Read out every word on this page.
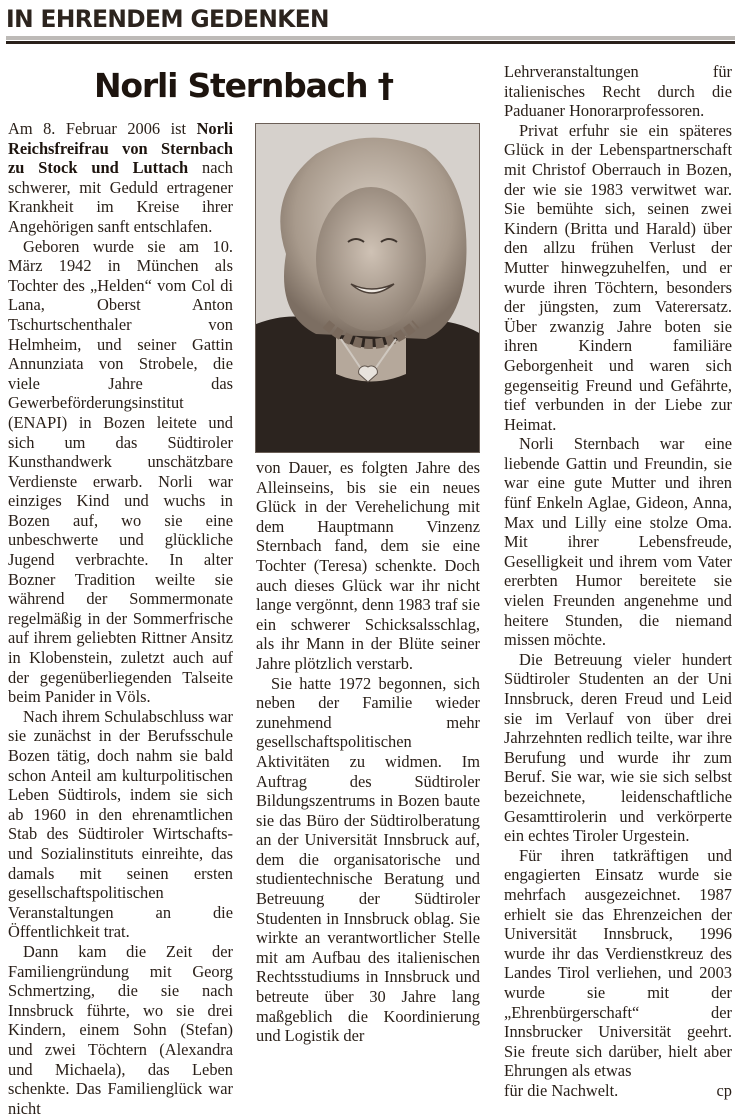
IN EHRENDEM GEDENKEN
Norli Sternbach †

Am 8. Februar 2006 ist Norli Reichsfreifrau von Sternbach zu Stock und Luttach nach schwerer, mit Geduld ertragener Krankheit im Kreise ihrer Angehörigen sanft entschlafen.

Geboren wurde sie am 10. März 1942 in München als Tochter des „Helden“ vom Col di Lana, Oberst Anton Tschurtschenthaler von Helmheim, und seiner Gattin Annunziata von Strobele, die viele Jahre das Gewerbeförderungsinstitut (ENAPI) in Bozen leitete und sich um das Südtiroler Kunsthandwerk unschätzbare Verdienste erwarb. Norli war einziges Kind und wuchs in Bozen auf, wo sie eine unbeschwerte und glückliche Jugend verbrachte. In alter Bozner Tradition weilte sie während der Sommermonate regelmäßig in der Sommerfrische auf ihrem geliebten Rittner Ansitz in Klobenstein, zuletzt auch auf der gegenüberliegenden Talseite beim Panider in Völs.

Nach ihrem Schulabschluss war sie zunächst in der Berufsschule Bozen tätig, doch nahm sie bald schon Anteil am kulturpolitischen Leben Südtirols, indem sie sich ab 1960 in den ehrenamtlichen Stab des Südtiroler Wirtschafts- und Sozialinstituts einreihte, das damals mit seinen ersten gesellschaftspolitischen Veranstaltungen an die Öffentlichkeit trat.

Dann kam die Zeit der Familiengründung mit Georg Schmertzing, die sie nach Innsbruck führte, wo sie drei Kindern, einem Sohn (Stefan) und zwei Töchtern (Alexandra und Michaela), das Leben schenkte. Das Familienglück war nicht

von Dauer, es folgten Jahre des Alleinseins, bis sie ein neues Glück in der Verehelichung mit dem Hauptmann Vinzenz Sternbach fand, dem sie eine Tochter (Teresa) schenkte. Doch auch dieses Glück war ihr nicht lange vergönnt, denn 1983 traf sie ein schwerer Schicksalsschlag, als ihr Mann in der Blüte seiner Jahre plötzlich verstarb.

Sie hatte 1972 begonnen, sich neben der Familie wieder zunehmend mehr gesellschaftspolitischen Aktivitäten zu widmen. Im Auftrag des Südtiroler Bildungszentrums in Bozen baute sie das Büro der Südtirolberatung an der Universität Innsbruck auf, dem die organisatorische und studientechnische Beratung und Betreuung der Südtiroler Studenten in Innsbruck oblag. Sie wirkte an verantwortlicher Stelle mit am Aufbau des italienischen Rechtsstudiums in Innsbruck und betreute über 30 Jahre lang maßgeblich die Koordinierung und Logistik der

Lehrveranstaltungen für italienisches Recht durch die Paduaner Honorarprofessoren.

Privat erfuhr sie ein späteres Glück in der Lebenspartnerschaft mit Christof Oberrauch in Bozen, der wie sie 1983 verwitwet war. Sie bemühte sich, seinen zwei Kindern (Britta und Harald) über den allzu frühen Verlust der Mutter hinwegzuhelfen, und er wurde ihren Töchtern, besonders der jüngsten, zum Vaterersatz. Über zwanzig Jahre boten sie ihren Kindern familiäre Geborgenheit und waren sich gegenseitig Freund und Gefährte, tief verbunden in der Liebe zur Heimat.

Norli Sternbach war eine liebende Gattin und Freundin, sie war eine gute Mutter und ihren fünf Enkeln Aglae, Gideon, Anna, Max und Lilly eine stolze Oma. Mit ihrer Lebensfreude, Geselligkeit und ihrem vom Vater ererbten Humor bereitete sie vielen Freunden angenehme und heitere Stunden, die niemand missen möchte.

Die Betreuung vieler hundert Südtiroler Studenten an der Uni Innsbruck, deren Freud und Leid sie im Verlauf von über drei Jahrzehnten redlich teilte, war ihre Berufung und wurde ihr zum Beruf. Sie war, wie sie sich selbst bezeichnete, leidenschaftliche Gesamttirolerin und verkörperte ein echtes Tiroler Urgestein.

Für ihren tatkräftigen und engagierten Einsatz wurde sie mehrfach ausgezeichnet. 1987 erhielt sie das Ehrenzeichen der Universität Innsbruck, 1996 wurde ihr das Verdienstkreuz des Landes Tirol verliehen, und 2003 wurde sie mit der „Ehrenbürgerschaft“ der Innsbrucker Universität geehrt. Sie freute sich darüber, hielt aber Ehrungen als etwas

für die Nachwelt.	cp
